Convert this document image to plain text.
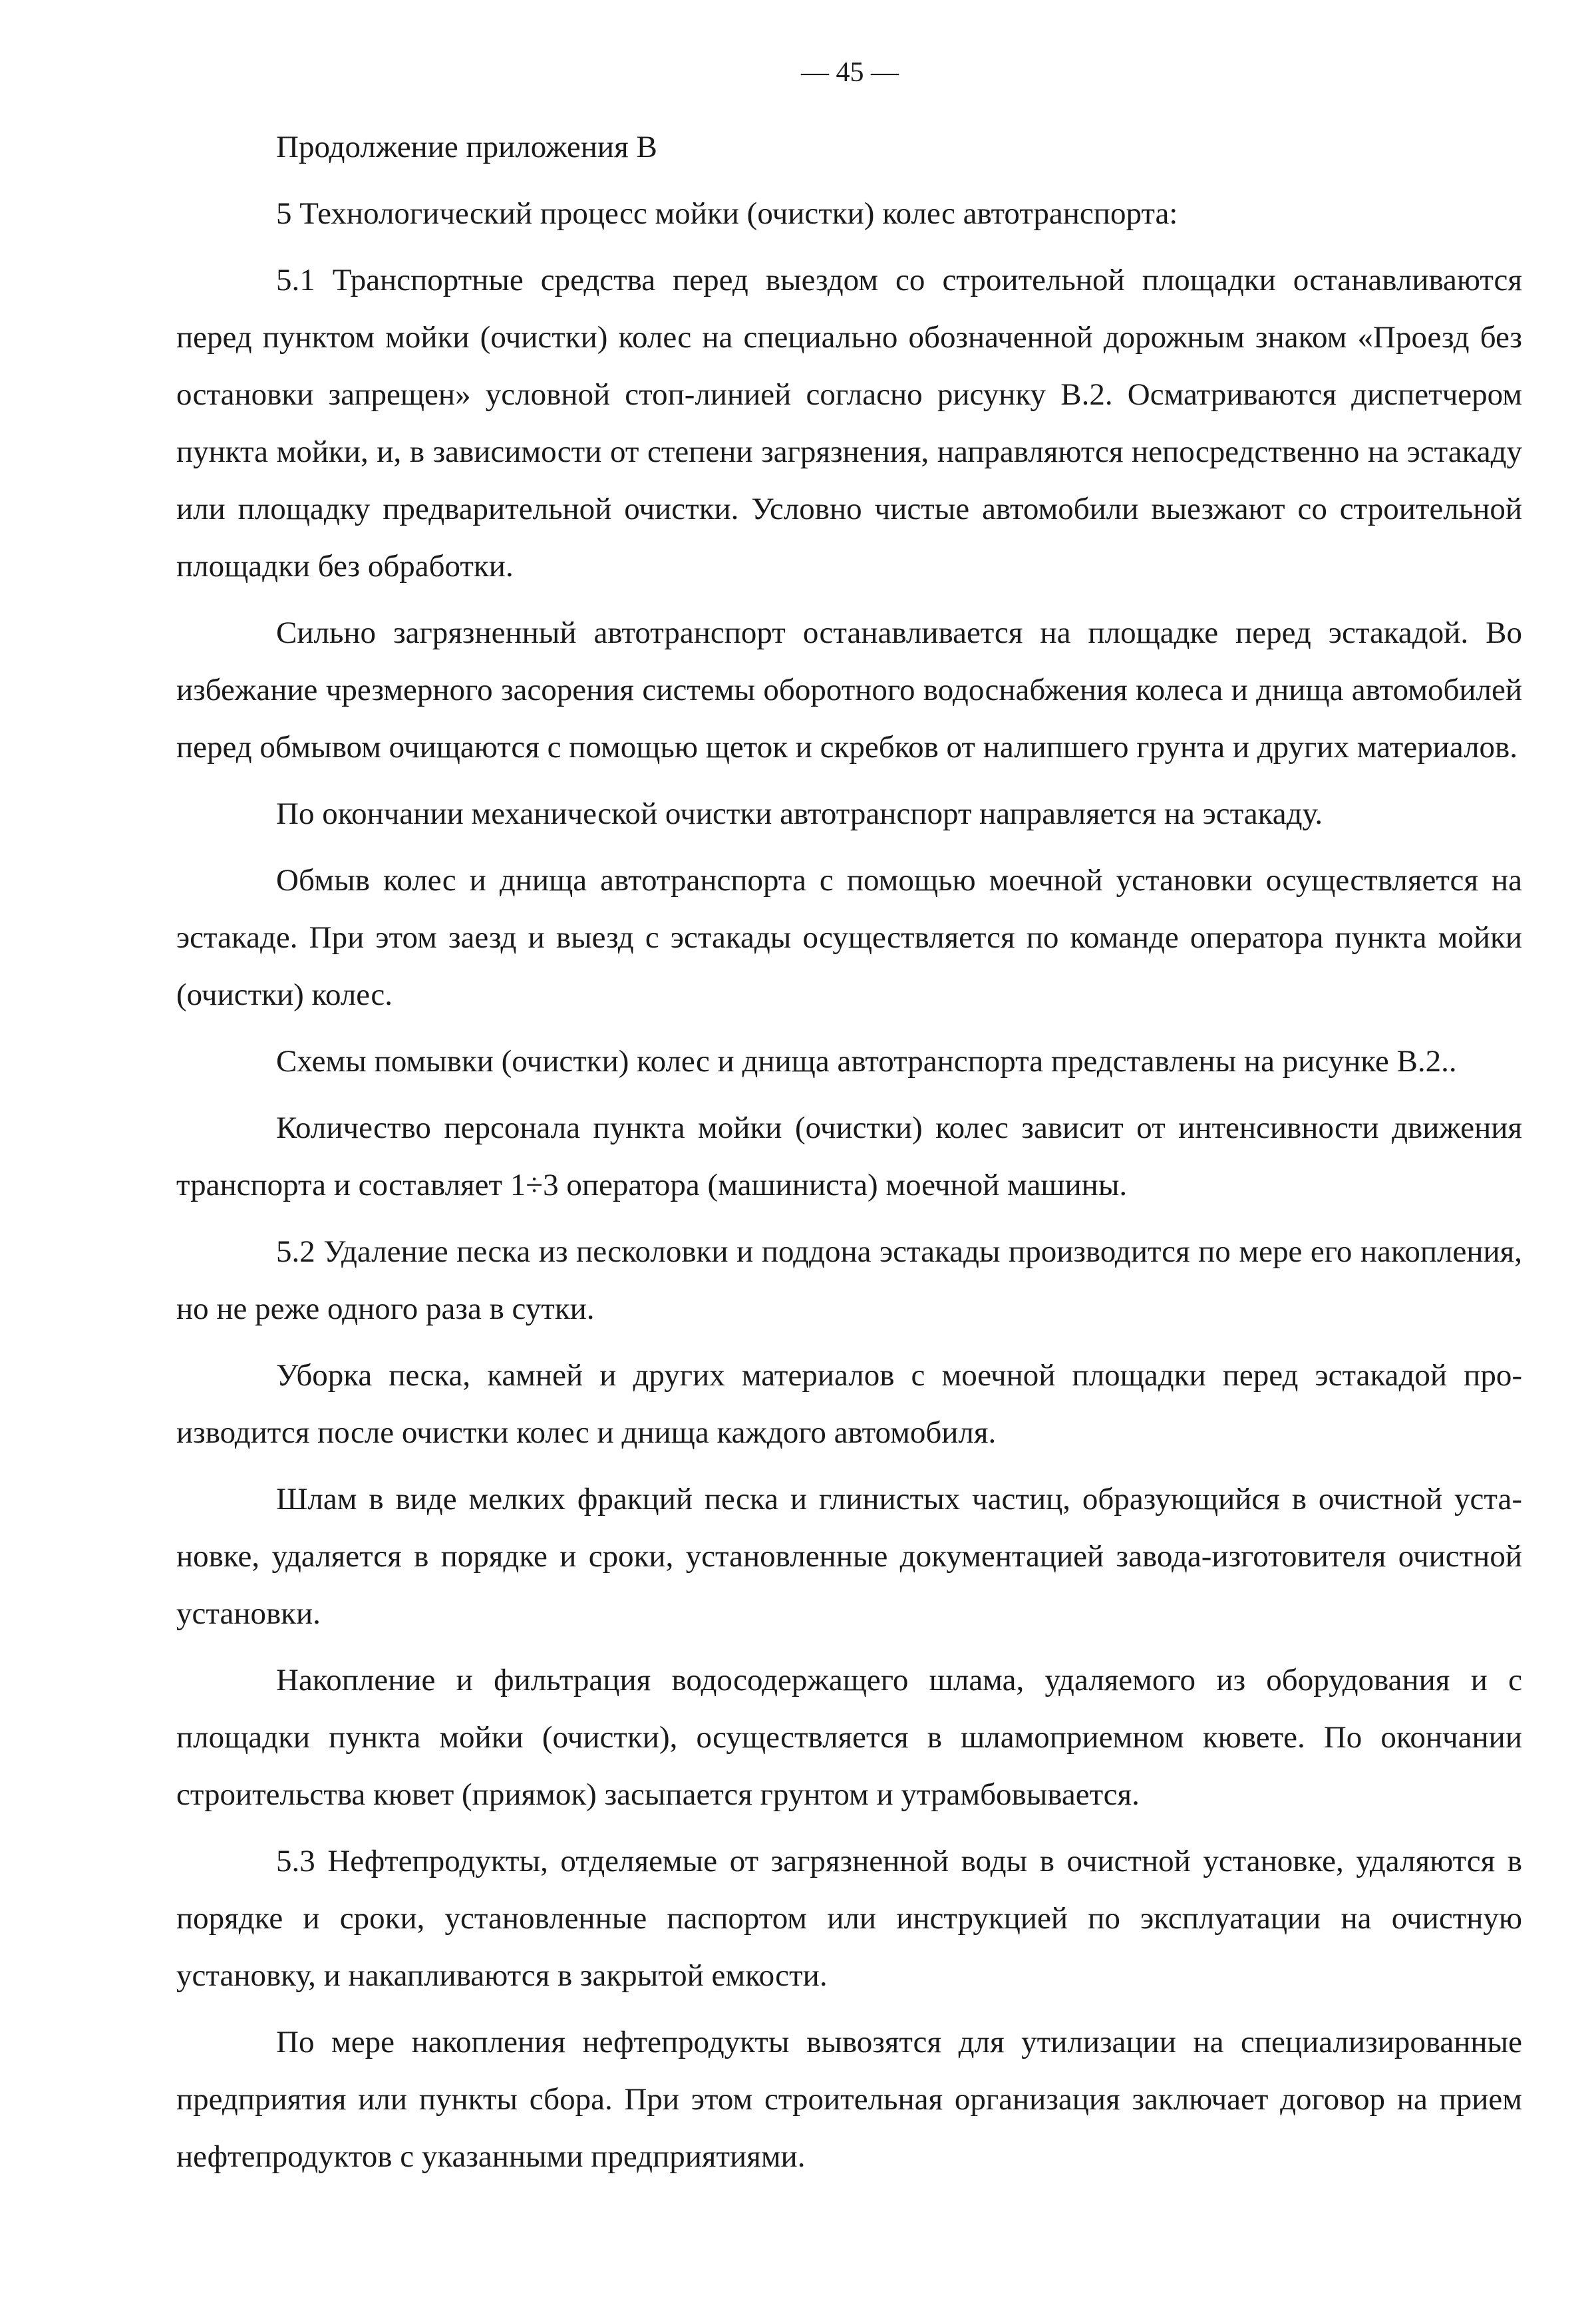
— 45 —

Продолжение приложения В

5 Технологический процесс мойки (очистки) колес автотранспорта:

5.1 Транспортные средства перед выездом со строительной площадки останавливаются перед пунктом мойки (очистки) колес на специально обозначенной дорожным знаком «Проезд без остановки запрещен» условной стоп-линией согласно рисунку В.2. Осматриваются диспетчером пункта мойки, и, в зависимости от степени загрязнения, направляются непосредственно на эстакаду или площадку предварительной очистки. Условно чистые автомобили выезжают со строительной площадки без обработки.

Сильно загрязненный автотранспорт останавливается на площадке перед эстакадой. Во избежание чрезмерного засорения системы оборотного водоснабжения колеса и днища автомобилей перед обмывом очищаются с помощью щеток и скребков от налипшего грунта и других материалов.

По окончании механической очистки автотранспорт направляется на эстакаду.

Обмыв колес и днища автотранспорта с помощью моечной установки осуществляется на эстакаде. При этом заезд и выезд с эстакады осуществляется по команде оператора пункта мойки (очистки) колес.

Схемы помывки (очистки) колес и днища автотранспорта представлены на рисунке В.2..

Количество персонала пункта мойки (очистки) колес зависит от интенсивности движения транспорта и составляет 1÷3 оператора (машиниста) моечной машины.

5.2 Удаление песка из песколовки и поддона эстакады производится по мере его накопления, но не реже одного раза в сутки.

Уборка песка, камней и других материалов с моечной площадки перед эстакадой производится после очистки колес и днища каждого автомобиля.

Шлам в виде мелких фракций песка и глинистых частиц, образующийся в очистной установке, удаляется в порядке и сроки, установленные документацией завода-изготовителя очистной установки.

Накопление и фильтрация водосодержащего шлама, удаляемого из оборудования и с площадки пункта мойки (очистки), осуществляется в шламоприемном кювете. По окончании строительства кювет (приямок) засыпается грунтом и утрамбовывается.

5.3 Нефтепродукты, отделяемые от загрязненной воды в очистной установке, удаляются в порядке и сроки, установленные паспортом или инструкцией по эксплуатации на очистную установку, и накапливаются в закрытой емкости.

По мере накопления нефтепродукты вывозятся для утилизации на специализированные предприятия или пункты сбора. При этом строительная организация заключает договор на прием нефтепродуктов с указанными предприятиями.
